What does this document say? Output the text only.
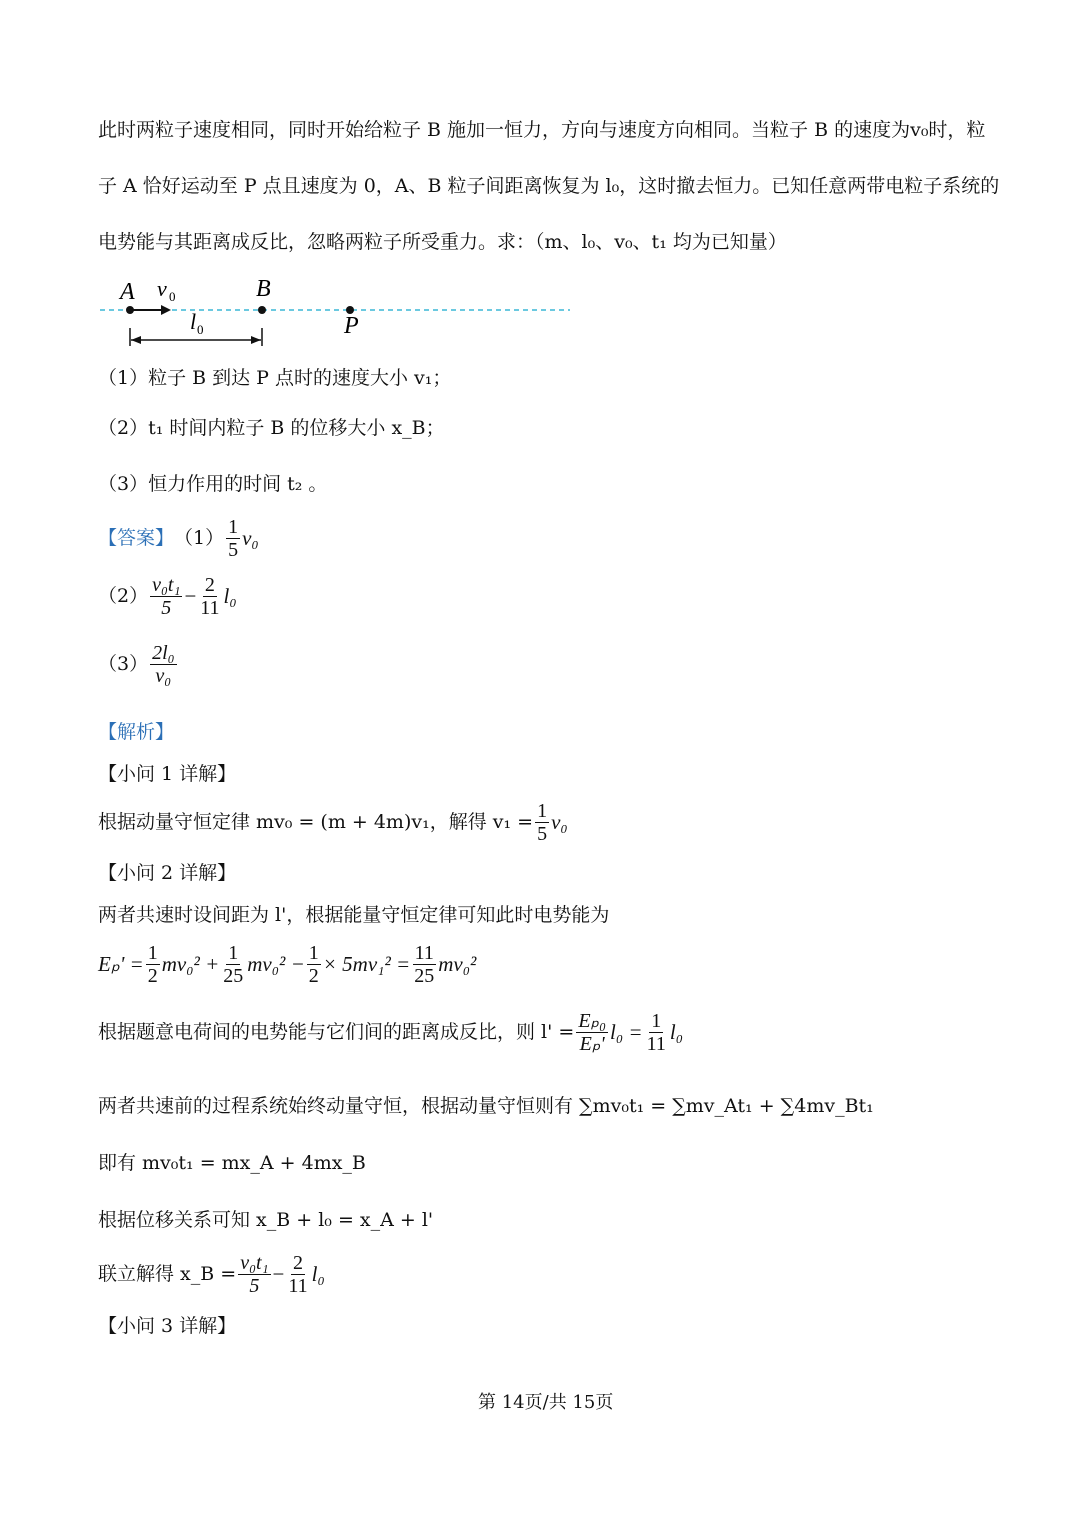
此时两粒子速度相同，同时开始给粒子 B 施加一恒力，方向与速度方向相同。当粒子 B 的速度为v₀时，粒
子 A 恰好运动至 P 点且速度为 0，A、B 粒子间距离恢复为 l₀，这时撤去恒力。已知任意两带电粒子系统的
电势能与其距离成反比，忽略两粒子所受重力。求：（m、l₀、v₀、t₁ 均为已知量）
A v 0	B
l 0	P
（1）粒子 B 到达 P 点时的速度大小 v₁；
（2）t₁ 时间内粒子 B 的位移大小 x_B；
（3）恒力作用的时间 t₂ 。
【答案】 $(1) \frac{1}{5} v_0$
$(2) \frac{\text{v₀t₁}}{5} - \frac{2}{11} l_0$
$(3) \frac{\text{2l₀}}{\text{v₀}}$
【解析】
【小问 1 详解】
根据动量守恒定律 mv₀ = (m + 4m)v₁，解得 $v_1 = \frac{1}{5} v_0$
【小问 2 详解】
两者共速时设间距为 l'，根据能量守恒定律可知此时电势能为
$E_p' = \frac{1}{2} mv_0^2 + \frac{1}{25} mv_0^2 - \frac{1}{2} \times 5mv_1^2 = \frac{11}{25} mv_0^2$
根据题意电荷间的电势能与它们间的距离成反比，则 $l' = \frac{\text{Eₚ₀}}{\text{Eₚ'}} l_0 = \frac{1}{11} l_0$
两者共速前的过程系统始终动量守恒，根据动量守恒则有 ∑mv₀t₁ = ∑mv_At₁ + ∑4mv_Bt₁
即有 mv₀t₁ = mx_A + 4mx_B
根据位移关系可知 x_B + l₀ = x_A + l'
联立解得 x_B = $\frac{\text{v₀t₁}}{5} - \frac{2}{11} l_0$
【小问 3 详解】
第 14页/共 15页
